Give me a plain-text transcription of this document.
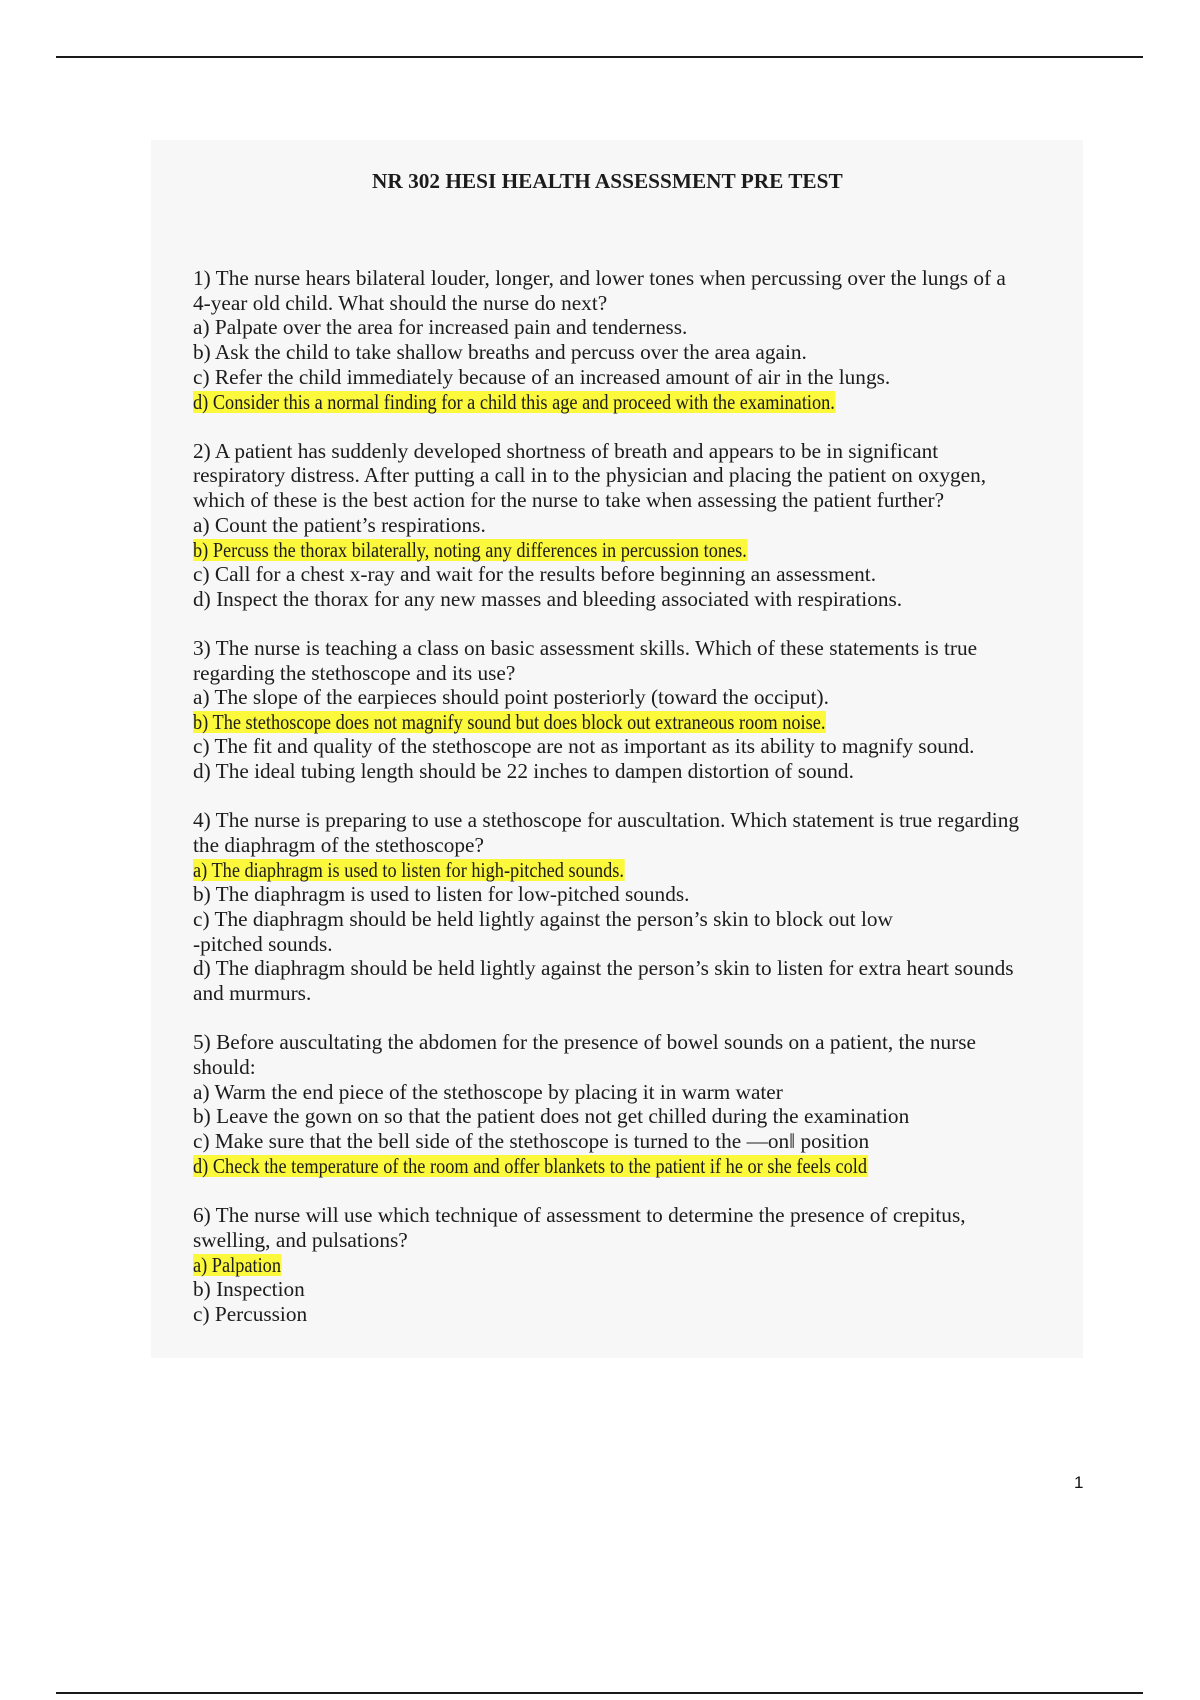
NR 302 HESI HEALTH ASSESSMENT PRE TEST
1) The nurse hears bilateral louder, longer, and lower tones when percussing over the lungs of a
4-year old child. What should the nurse do next?
a) Palpate over the area for increased pain and tenderness.
b) Ask the child to take shallow breaths and percuss over the area again.
c) Refer the child immediately because of an increased amount of air in the lungs.
d) Consider this a normal finding for a child this age and proceed with the examination.
2) A patient has suddenly developed shortness of breath and appears to be in significant
respiratory distress. After putting a call in to the physician and placing the patient on oxygen,
which of these is the best action for the nurse to take when assessing the patient further?
a) Count the patient’s respirations.
b) Percuss the thorax bilaterally, noting any differences in percussion tones.
c) Call for a chest x-ray and wait for the results before beginning an assessment.
d) Inspect the thorax for any new masses and bleeding associated with respirations.
3) The nurse is teaching a class on basic assessment skills. Which of these statements is true
regarding the stethoscope and its use?
a) The slope of the earpieces should point posteriorly (toward the occiput).
b) The stethoscope does not magnify sound but does block out extraneous room noise.
c) The fit and quality of the stethoscope are not as important as its ability to magnify sound.
d) The ideal tubing length should be 22 inches to dampen distortion of sound.
4) The nurse is preparing to use a stethoscope for auscultation. Which statement is true regarding
the diaphragm of the stethoscope?
a) The diaphragm is used to listen for high-pitched sounds.
b) The diaphragm is used to listen for low-pitched sounds.
c) The diaphragm should be held lightly against the person’s skin to block out low
-pitched sounds.
d) The diaphragm should be held lightly against the person’s skin to listen for extra heart sounds
and murmurs.
5) Before auscultating the abdomen for the presence of bowel sounds on a patient, the nurse
should:
a) Warm the end piece of the stethoscope by placing it in warm water
b) Leave the gown on so that the patient does not get chilled during the examination
c) Make sure that the bell side of the stethoscope is turned to the ―on‖ position
d) Check the temperature of the room and offer blankets to the patient if he or she feels cold
6) The nurse will use which technique of assessment to determine the presence of crepitus,
swelling, and pulsations?
a) Palpation
b) Inspection
c) Percussion
1
